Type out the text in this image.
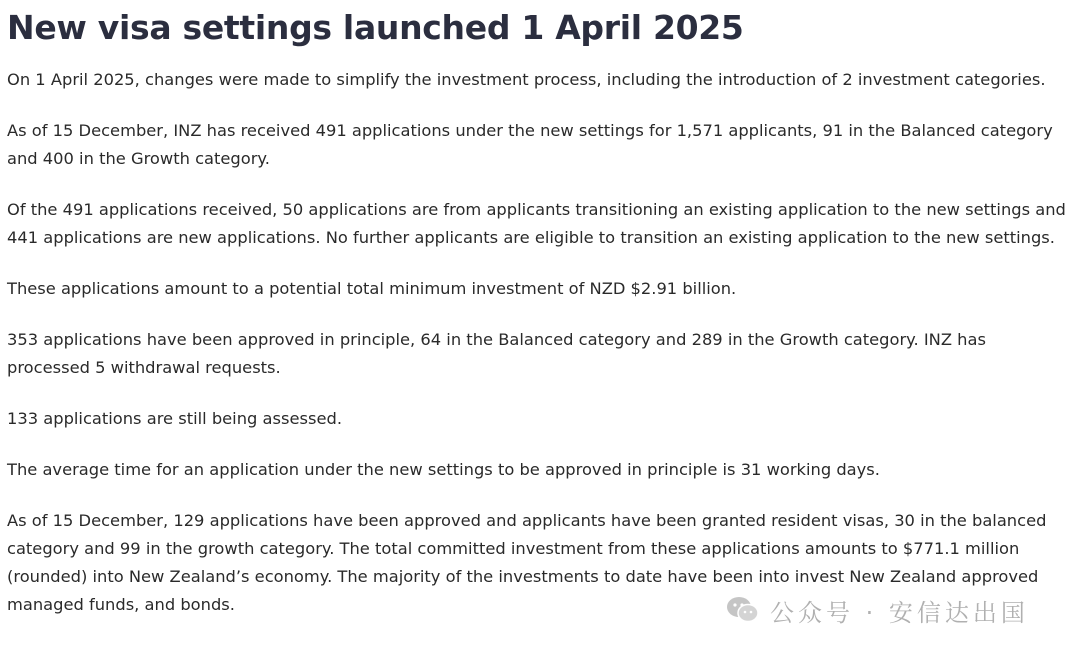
New visa settings launched 1 April 2025

On 1 April 2025, changes were made to simplify the investment process, including the introduction of 2 investment categories.

As of 15 December, INZ has received 491 applications under the new settings for 1,571 applicants, 91 in the Balanced category and 400 in the Growth category.

Of the 491 applications received, 50 applications are from applicants transitioning an existing application to the new settings and 441 applications are new applications. No further applicants are eligible to transition an existing application to the new settings.

These applications amount to a potential total minimum investment of NZD $2.91 billion.

353 applications have been approved in principle, 64 in the Balanced category and 289 in the Growth category. INZ has processed 5 withdrawal requests.

133 applications are still being assessed.

The average time for an application under the new settings to be approved in principle is 31 working days.

As of 15 December, 129 applications have been approved and applicants have been granted resident visas, 30 in the balanced category and 99 in the growth category. The total committed investment from these applications amounts to $771.1 million (rounded) into New Zealand’s economy. The majority of the investments to date have been into invest New Zealand approved managed funds, and bonds.	公众号 · 安信达出国
